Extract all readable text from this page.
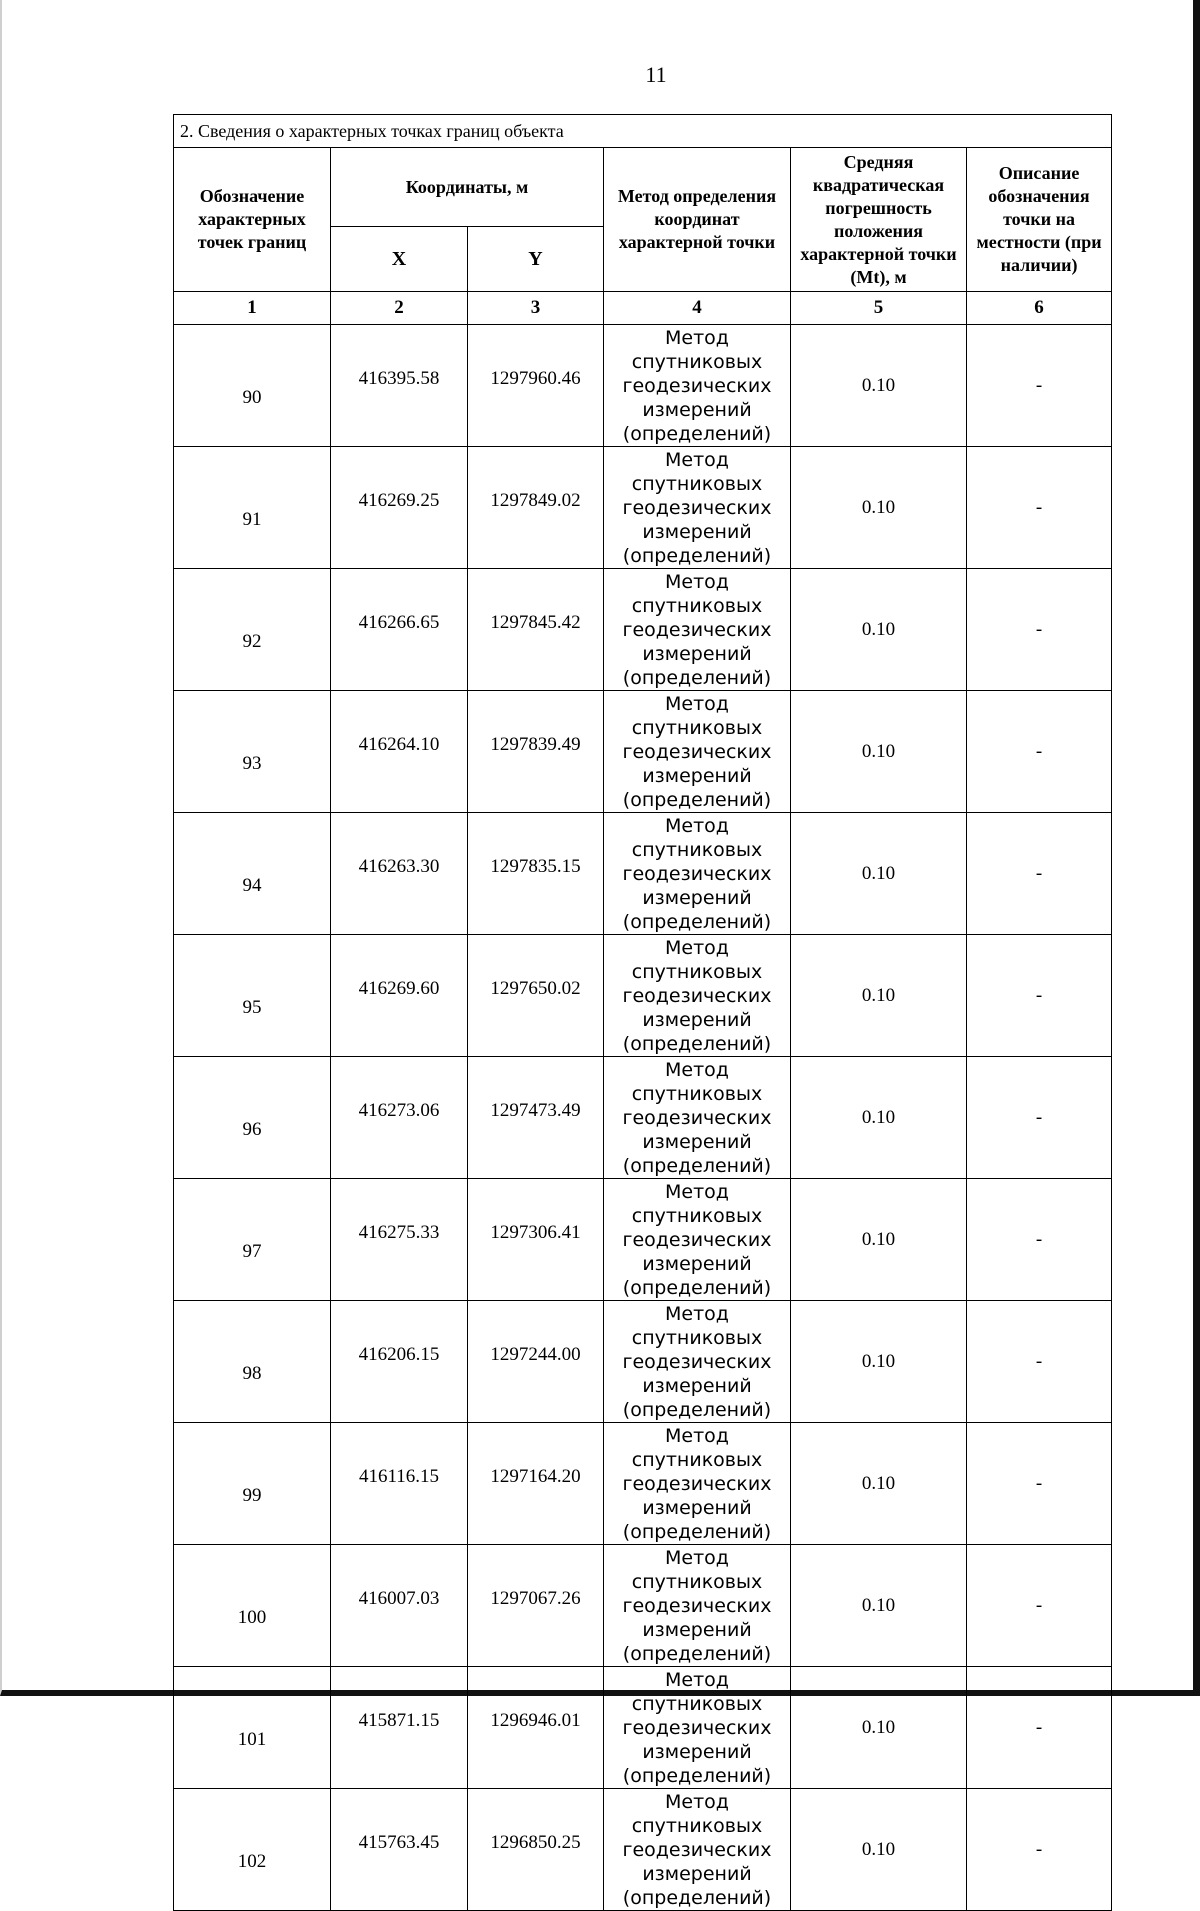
11
2. Сведения о характерных точках границ объекта					
Обозначение характерных точек границ	Координаты, м		Метод определения координат характерной точки	Средняя квадратическая погрешность положения характерной точки (Mt), м	Описание обозначения точки на местности (при наличии)
	X	Y			
1	2	3	4	5	6
90	416395.58	1297960.46	Метод спутниковых геодезических измерений (определений)	0.10	-
91	416269.25	1297849.02	Метод спутниковых геодезических измерений (определений)	0.10	-
92	416266.65	1297845.42	Метод спутниковых геодезических измерений (определений)	0.10	-
93	416264.10	1297839.49	Метод спутниковых геодезических измерений (определений)	0.10	-
94	416263.30	1297835.15	Метод спутниковых геодезических измерений (определений)	0.10	-
95	416269.60	1297650.02	Метод спутниковых геодезических измерений (определений)	0.10	-
96	416273.06	1297473.49	Метод спутниковых геодезических измерений (определений)	0.10	-
97	416275.33	1297306.41	Метод спутниковых геодезических измерений (определений)	0.10	-
98	416206.15	1297244.00	Метод спутниковых геодезических измерений (определений)	0.10	-
99	416116.15	1297164.20	Метод спутниковых геодезических измерений (определений)	0.10	-
100	416007.03	1297067.26	Метод спутниковых геодезических измерений (определений)	0.10	-
101	415871.15	1296946.01	Метод спутниковых геодезических измерений (определений)	0.10	-
102	415763.45	1296850.25	Метод спутниковых геодезических измерений (определений)	0.10	-
